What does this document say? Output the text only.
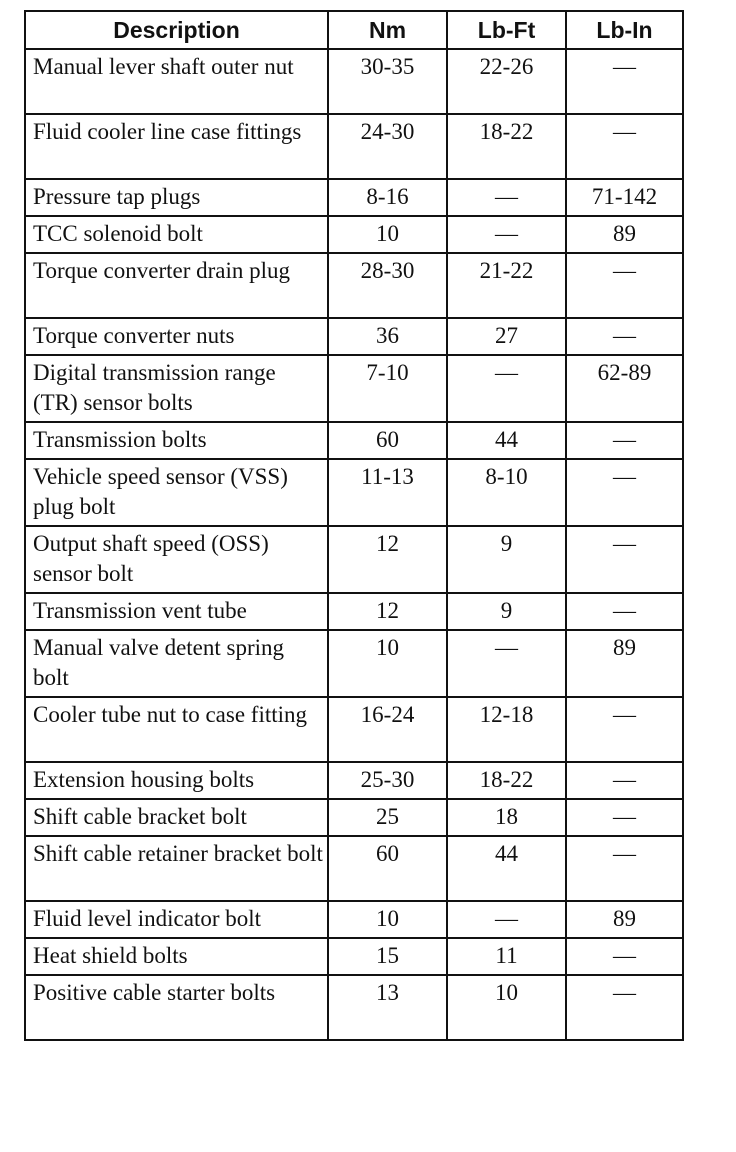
Description	Nm	Lb-Ft	Lb-In
Manual lever shaft outer nut	30-35	22-26	—
Fluid cooler line case fittings	24-30	18-22	—
Pressure tap plugs	8-16	—	71-142
TCC solenoid bolt	10	—	89
Torque converter drain plug	28-30	21-22	—
Torque converter nuts	36	27	—
Digital transmission range (TR) sensor bolts	7-10	—	62-89
Transmission bolts	60	44	—
Vehicle speed sensor (VSS) plug bolt	11-13	8-10	—
Output shaft speed (OSS) sensor bolt	12	9	—
Transmission vent tube	12	9	—
Manual valve detent spring bolt	10	—	89
Cooler tube nut to case fitting	16-24	12-18	—
Extension housing bolts	25-30	18-22	—
Shift cable bracket bolt	25	18	—
Shift cable retainer bracket bolt	60	44	—
Fluid level indicator bolt	10	—	89
Heat shield bolts	15	11	—
Positive cable starter bolts	13	10	—
